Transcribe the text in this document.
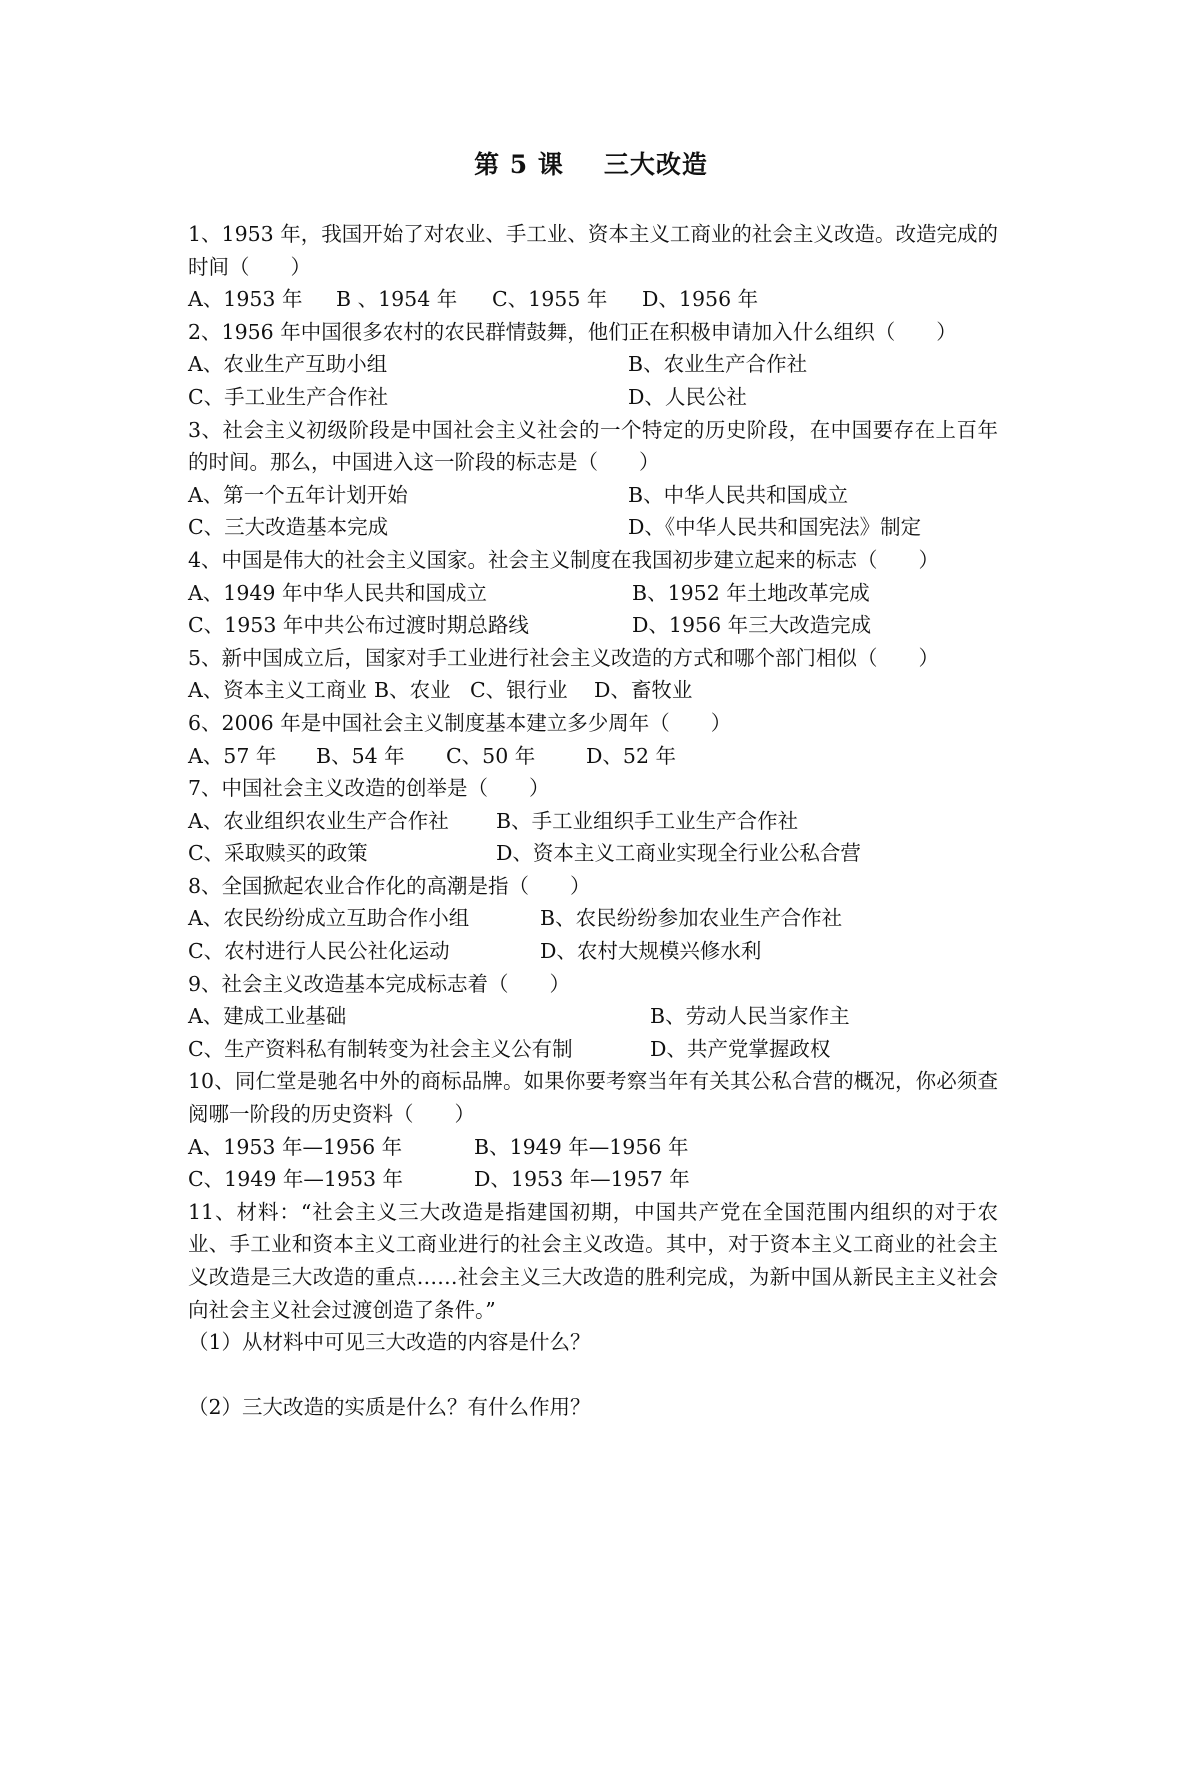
第 5 课 三大改造
1、1953 年，我国开始了对农业、手工业、资本主义工商业的社会主义改造。改造完成的时间（　　）
A、1953 年 B 、1954 年 C、1955 年 D、1956 年
2、1956 年中国很多农村的农民群情鼓舞，他们正在积极申请加入什么组织（　　）
A、农业生产互助小组	B、农业生产合作社
C、手工业生产合作社	D、人民公社
3、社会主义初级阶段是中国社会主义社会的一个特定的历史阶段，在中国要存在上百年的时间。那么，中国进入这一阶段的标志是（　　）
A、第一个五年计划开始	B、中华人民共和国成立
C、三大改造基本完成	D、《中华人民共和国宪法》制定
4、中国是伟大的社会主义国家。社会主义制度在我国初步建立起来的标志（　　）
A、1949 年中华人民共和国成立	B、1952 年土地改革完成
C、1953 年中共公布过渡时期总路线	D、1956 年三大改造完成
5、新中国成立后，国家对手工业进行社会主义改造的方式和哪个部门相似（　　）
A、资本主义工商业 B、农业 C、银行业 D、畜牧业
6、2006 年是中国社会主义制度基本建立多少周年（　　）
A、57 年 B、54 年 C、50 年 D、52 年
7、中国社会主义改造的创举是（　　）
A、农业组织农业生产合作社 B、手工业组织手工业生产合作社
C、采取赎买的政策	D、资本主义工商业实现全行业公私合营
8、全国掀起农业合作化的高潮是指（　　）
A、农民纷纷成立互助合作小组	B、农民纷纷参加农业生产合作社
C、农村进行人民公社化运动	D、农村大规模兴修水利
9、社会主义改造基本完成标志着（　　）
A、建成工业基础	B、劳动人民当家作主
C、生产资料私有制转变为社会主义公有制	D、共产党掌握政权
10、同仁堂是驰名中外的商标品牌。如果你要考察当年有关其公私合营的概况，你必须查阅哪一阶段的历史资料（　　）
A、1953 年—1956 年	B、1949 年—1956 年
C、1949 年—1953 年	D、1953 年—1957 年
11、材料：“社会主义三大改造是指建国初期，中国共产党在全国范围内组织的对于农业、手工业和资本主义工商业进行的社会主义改造。其中，对于资本主义工商业的社会主义改造是三大改造的重点……社会主义三大改造的胜利完成，为新中国从新民主主义社会向社会主义社会过渡创造了条件。”
（1）从材料中可见三大改造的内容是什么？
（2）三大改造的实质是什么？有什么作用？
